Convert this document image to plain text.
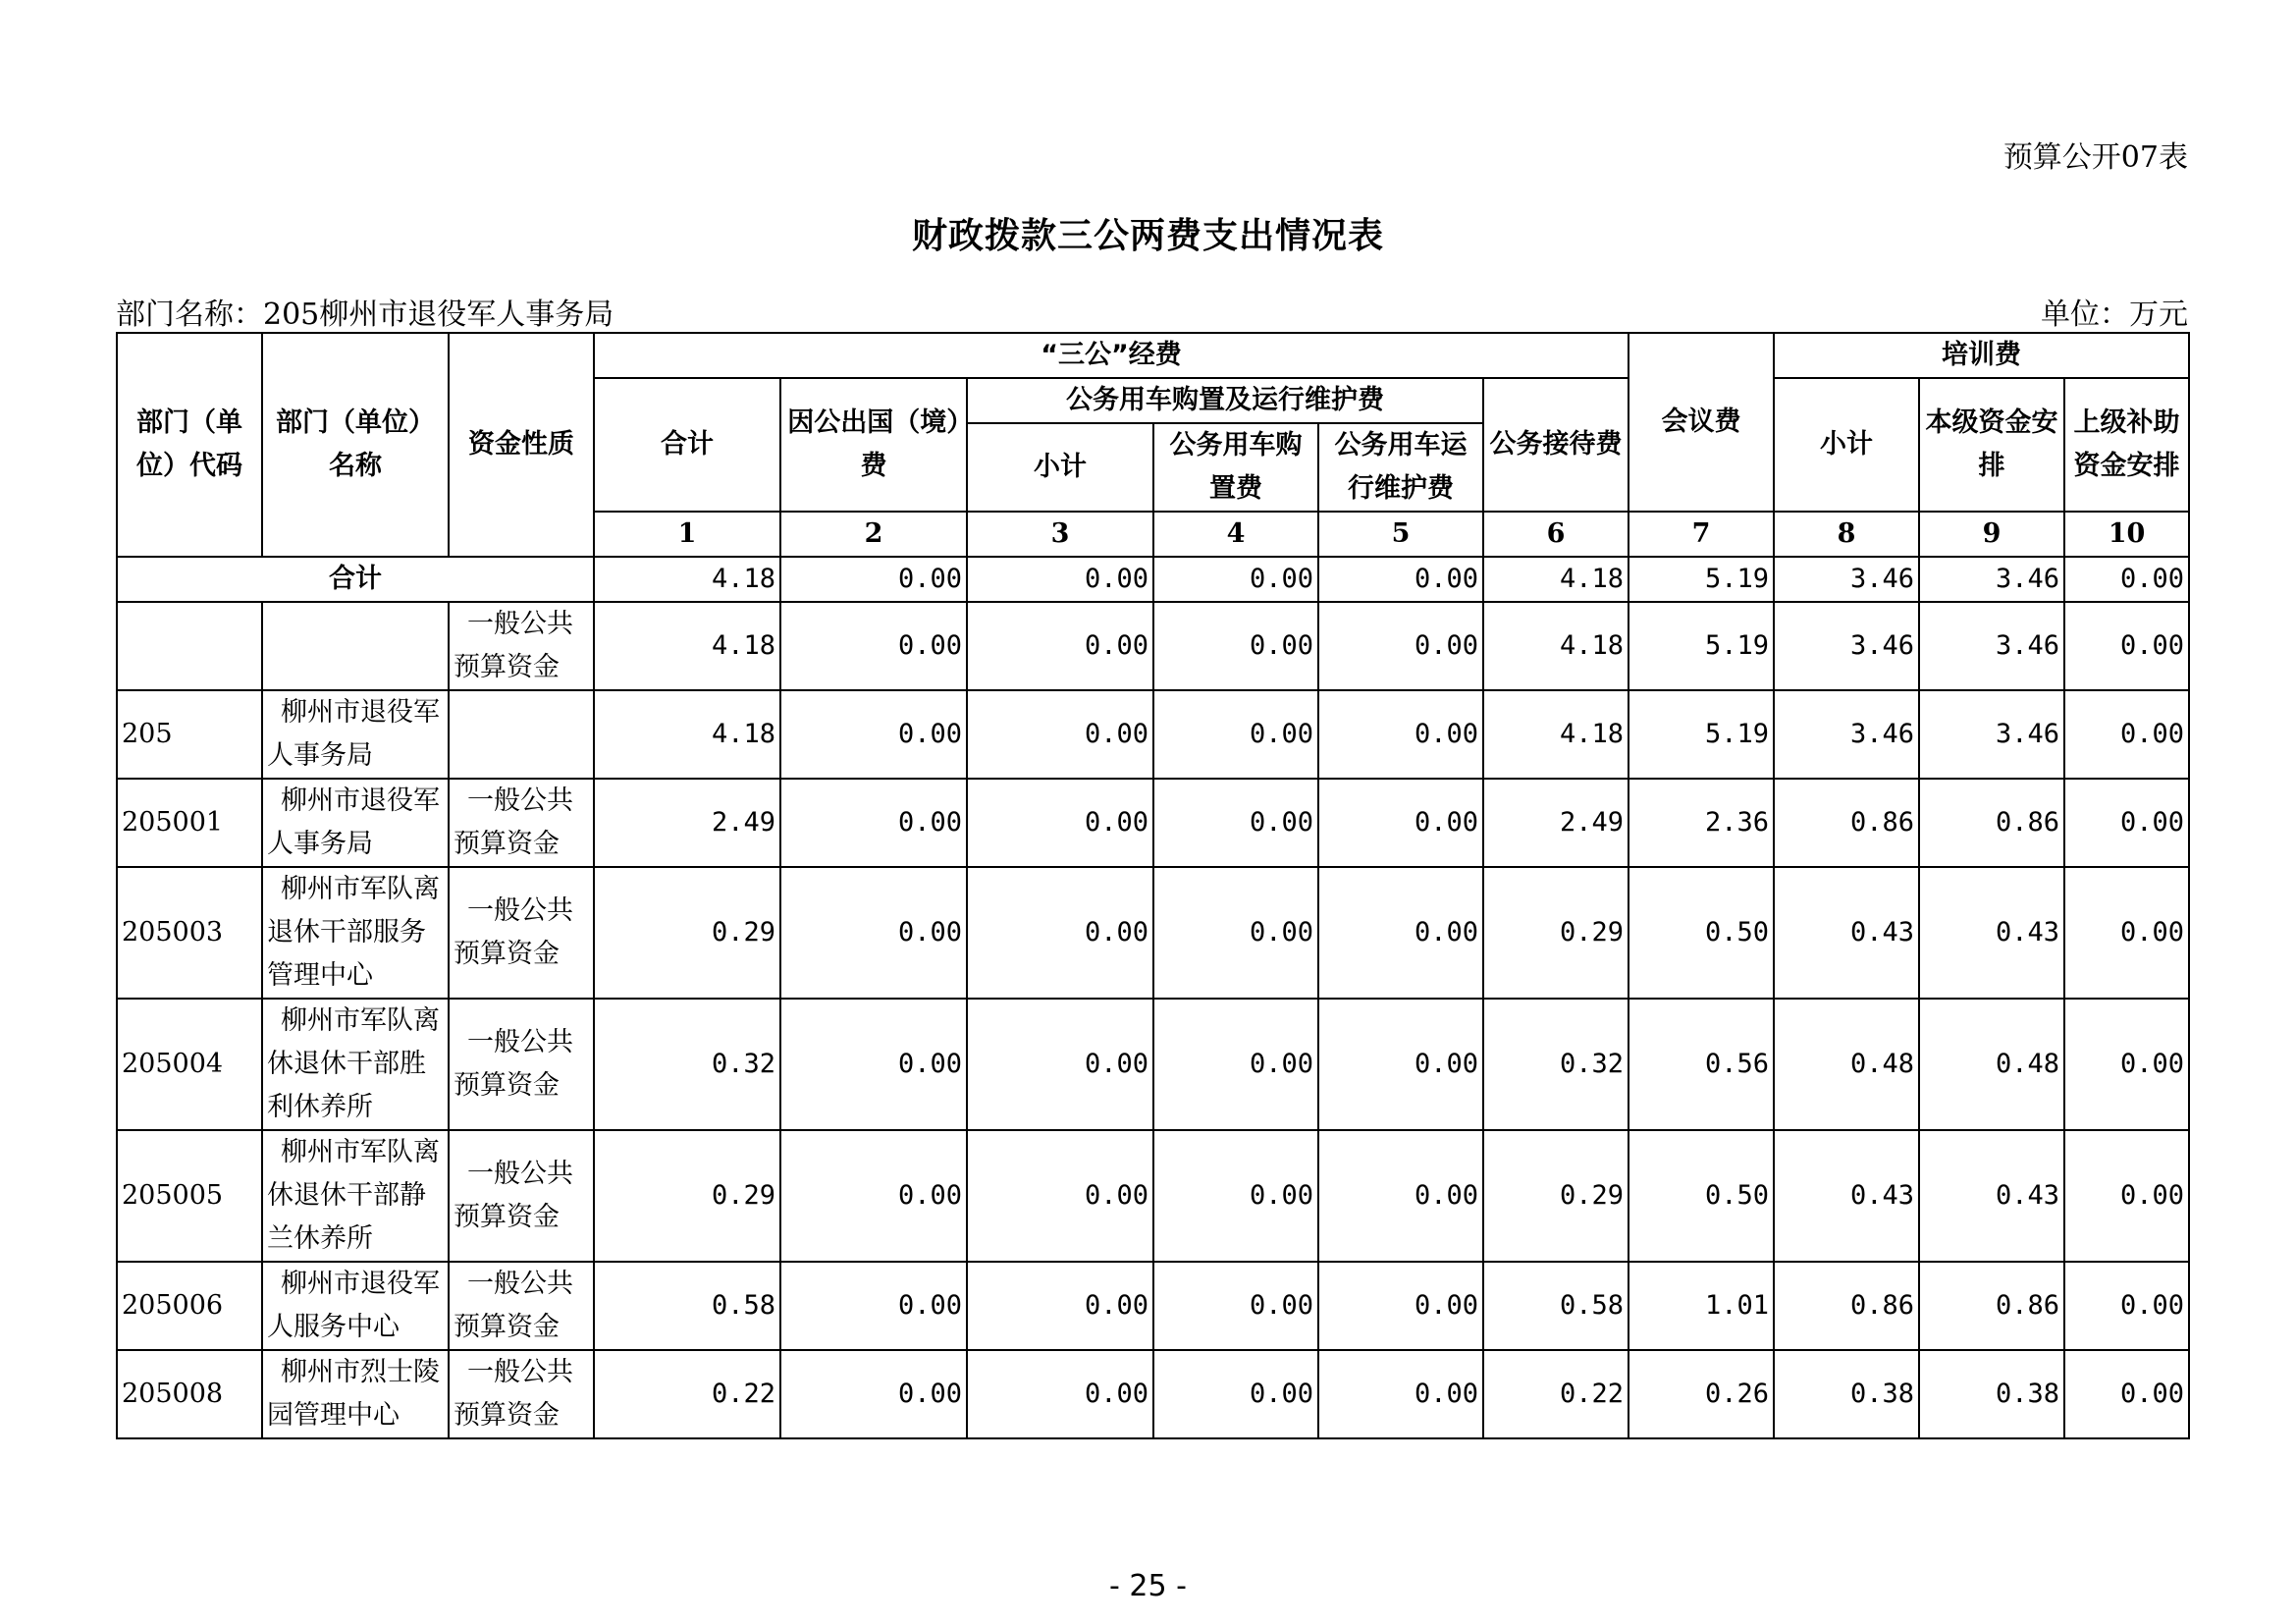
预算公开07表
财政拨款三公两费支出情况表
部门名称：205柳州市退役军人事务局	单位：万元
部门（单位）代码	部门（单位）名称	资金性质	“三公”经费						会议费	培训费		
			合计	因公出国（境）费	公务用车购置及运行维护费			公务接待费		小计	本级资金安排	上级补助资金安排
					小计	公务用车购置费	公务用车运行维护费					
			1	2	3	4	5	6	7	8	9	10
合计			4.18	0.00	0.00	0.00	0.00	4.18	5.19	3.46	3.46	0.00
		一般公共预算资金	4.18	0.00	0.00	0.00	0.00	4.18	5.19	3.46	3.46	0.00
205	柳州市退役军人事务局		4.18	0.00	0.00	0.00	0.00	4.18	5.19	3.46	3.46	0.00
205001	柳州市退役军人事务局	一般公共预算资金	2.49	0.00	0.00	0.00	0.00	2.49	2.36	0.86	0.86	0.00
205003	柳州市军队离退休干部服务管理中心	一般公共预算资金	0.29	0.00	0.00	0.00	0.00	0.29	0.50	0.43	0.43	0.00
205004	柳州市军队离休退休干部胜利休养所	一般公共预算资金	0.32	0.00	0.00	0.00	0.00	0.32	0.56	0.48	0.48	0.00
205005	柳州市军队离休退休干部静兰休养所	一般公共预算资金	0.29	0.00	0.00	0.00	0.00	0.29	0.50	0.43	0.43	0.00
205006	柳州市退役军人服务中心	一般公共预算资金	0.58	0.00	0.00	0.00	0.00	0.58	1.01	0.86	0.86	0.00
205008	柳州市烈士陵园管理中心	一般公共预算资金	0.22	0.00	0.00	0.00	0.00	0.22	0.26	0.38	0.38	0.00
- 25 -
